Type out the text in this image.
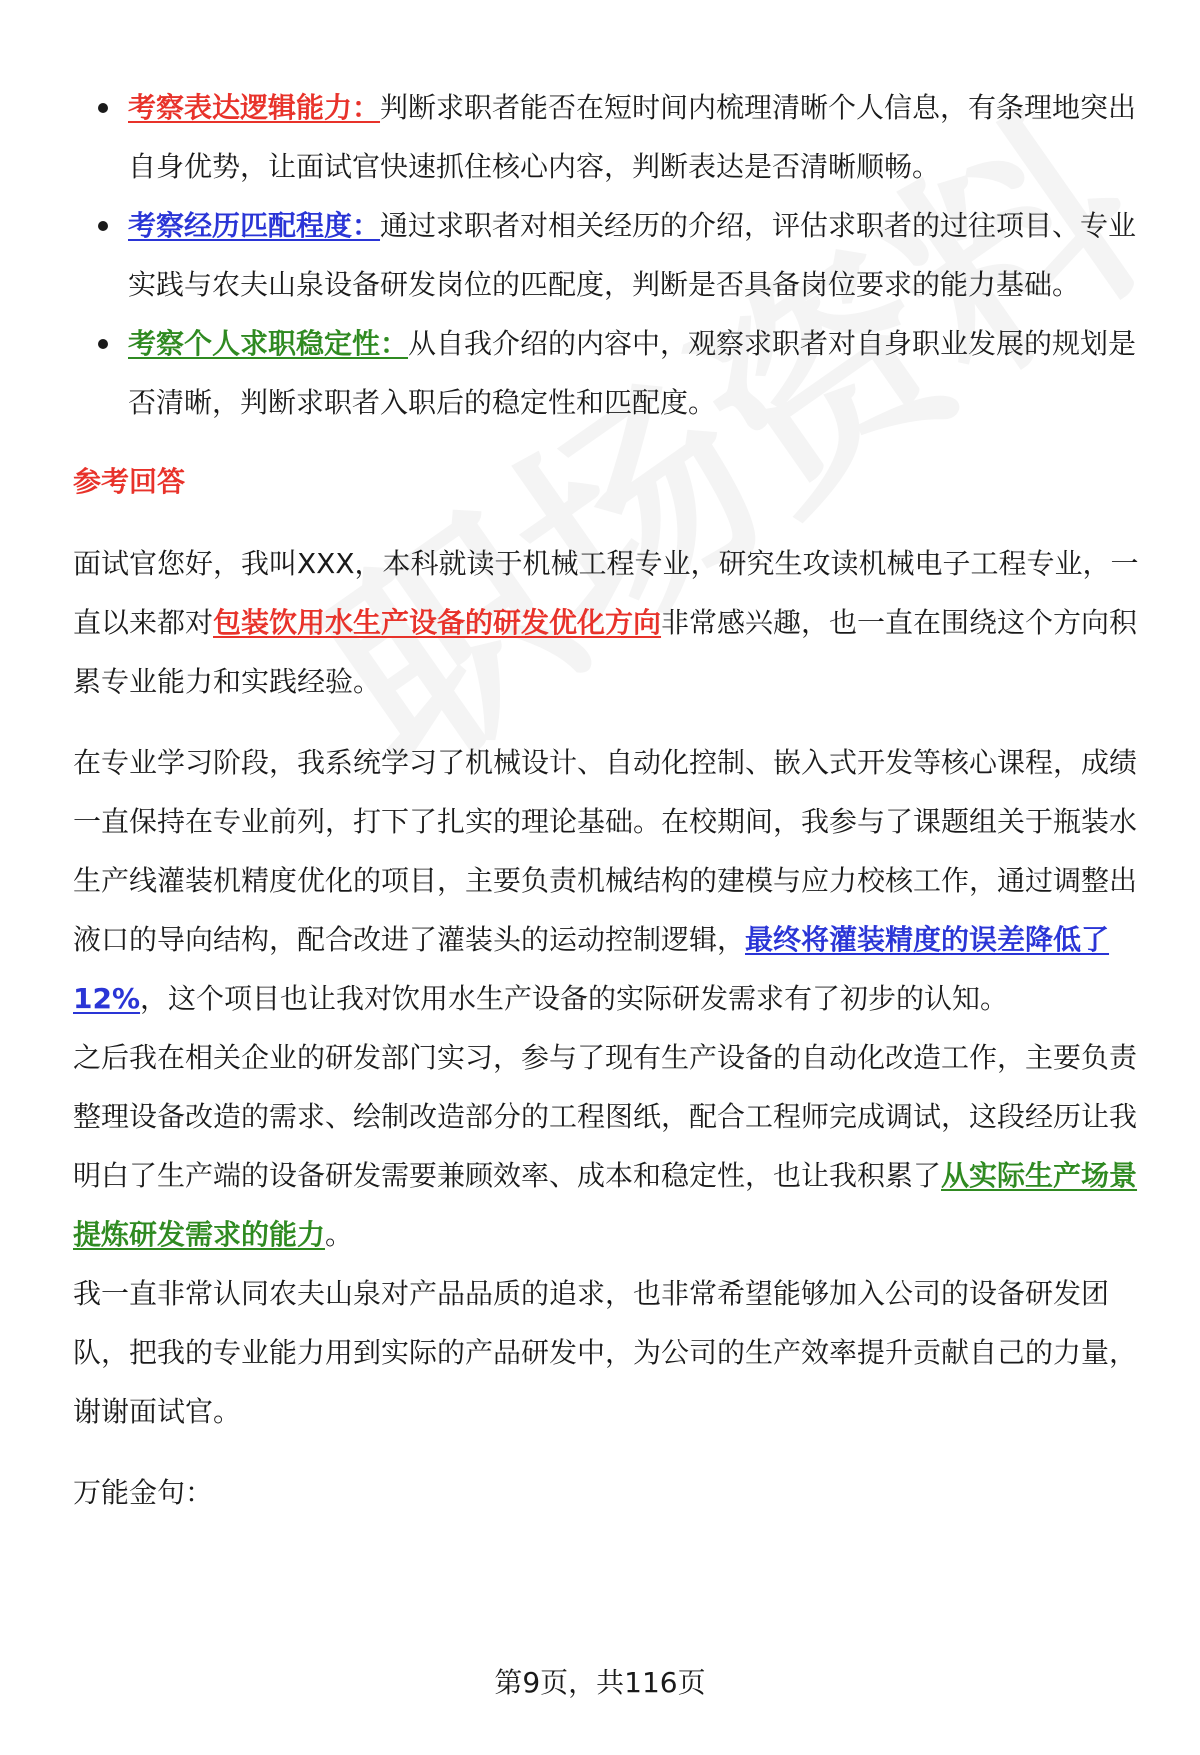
考察表达逻辑能力：判断求职者能否在短时间内梳理清晰个人信息，有条理地突出自身优势，让面试官快速抓住核心内容，判断表达是否清晰顺畅。
考察经历匹配程度：通过求职者对相关经历的介绍，评估求职者的过往项目、专业实践与农夫山泉设备研发岗位的匹配度，判断是否具备岗位要求的能力基础。
考察个人求职稳定性：从自我介绍的内容中，观察求职者对自身职业发展的规划是否清晰，判断求职者入职后的稳定性和匹配度。
参考回答

面试官您好，我叫XXX，本科就读于机械工程专业，研究生攻读机械电子工程专业，一直以来都对包装饮用水生产设备的研发优化方向非常感兴趣，也一直在围绕这个方向积累专业能力和实践经验。

在专业学习阶段，我系统学习了机械设计、自动化控制、嵌入式开发等核心课程，成绩一直保持在专业前列，打下了扎实的理论基础。在校期间，我参与了课题组关于瓶装水生产线灌装机精度优化的项目，主要负责机械结构的建模与应力校核工作，通过调整出液口的导向结构，配合改进了灌装头的运动控制逻辑，最终将灌装精度的误差降低了12%，这个项目也让我对饮用水生产设备的实际研发需求有了初步的认知。

之后我在相关企业的研发部门实习，参与了现有生产设备的自动化改造工作，主要负责整理设备改造的需求、绘制改造部分的工程图纸，配合工程师完成调试，这段经历让我明白了生产端的设备研发需要兼顾效率、成本和稳定性，也让我积累了从实际生产场景提炼研发需求的能力。

我一直非常认同农夫山泉对产品品质的追求，也非常希望能够加入公司的设备研发团队，把我的专业能力用到实际的产品研发中，为公司的生产效率提升贡献自己的力量，谢谢面试官。

万能金句：

第9页，共116页
